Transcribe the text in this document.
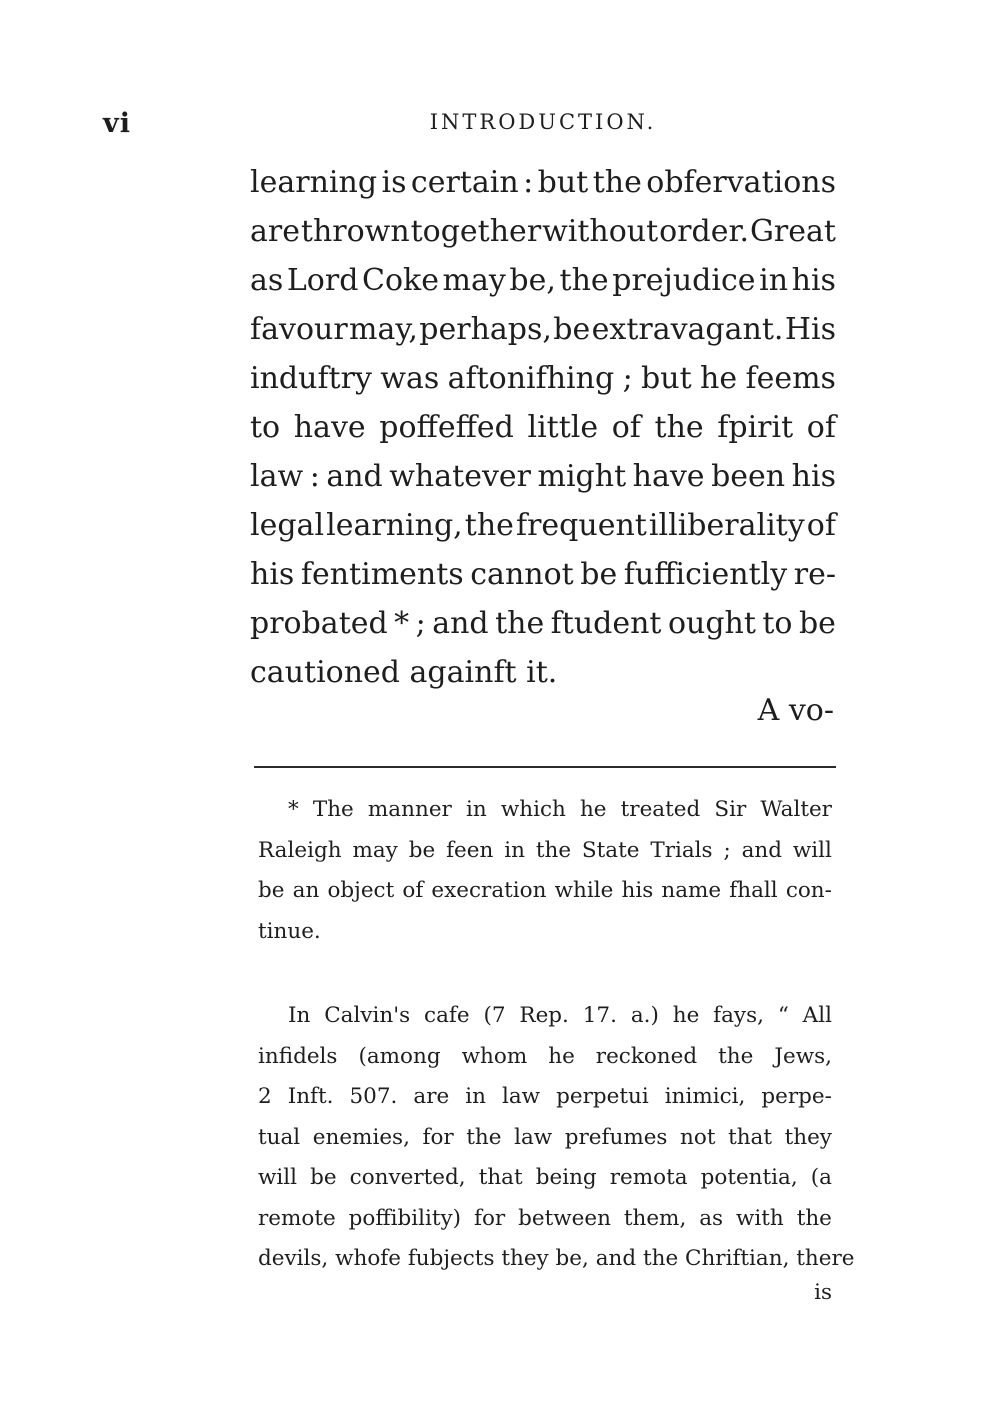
vi	INTRODUCTION.
learning is certain : but the obfervations
are thrown together without order. Great
as Lord Coke may be, the prejudice in his
favour may, perhaps, be extravagant. His
induftry was aftonifhing ; but he feems
to have poffeffed little of the fpirit of
law : and whatever might have been his
legal learning, the frequent illiberality of
his fentiments cannot be fufficiently re-
probated * ; and the ftudent ought to be
cautioned againft it.
A vo-
* The manner in which he treated Sir Walter
Raleigh may be feen in the State Trials ; and will
be an object of execration while his name fhall con-
tinue.
In Calvin's cafe (7 Rep. 17. a.) he fays, “ All
infidels (among whom he reckoned the Jews,
2 Inft. 507. are in law perpetui inimici, perpe-
tual enemies, for the law prefumes not that they
will be converted, that being remota potentia, (a
remote poffibility) for between them, as with the
devils, whofe fubjects they be, and the Chriftian, there
is
